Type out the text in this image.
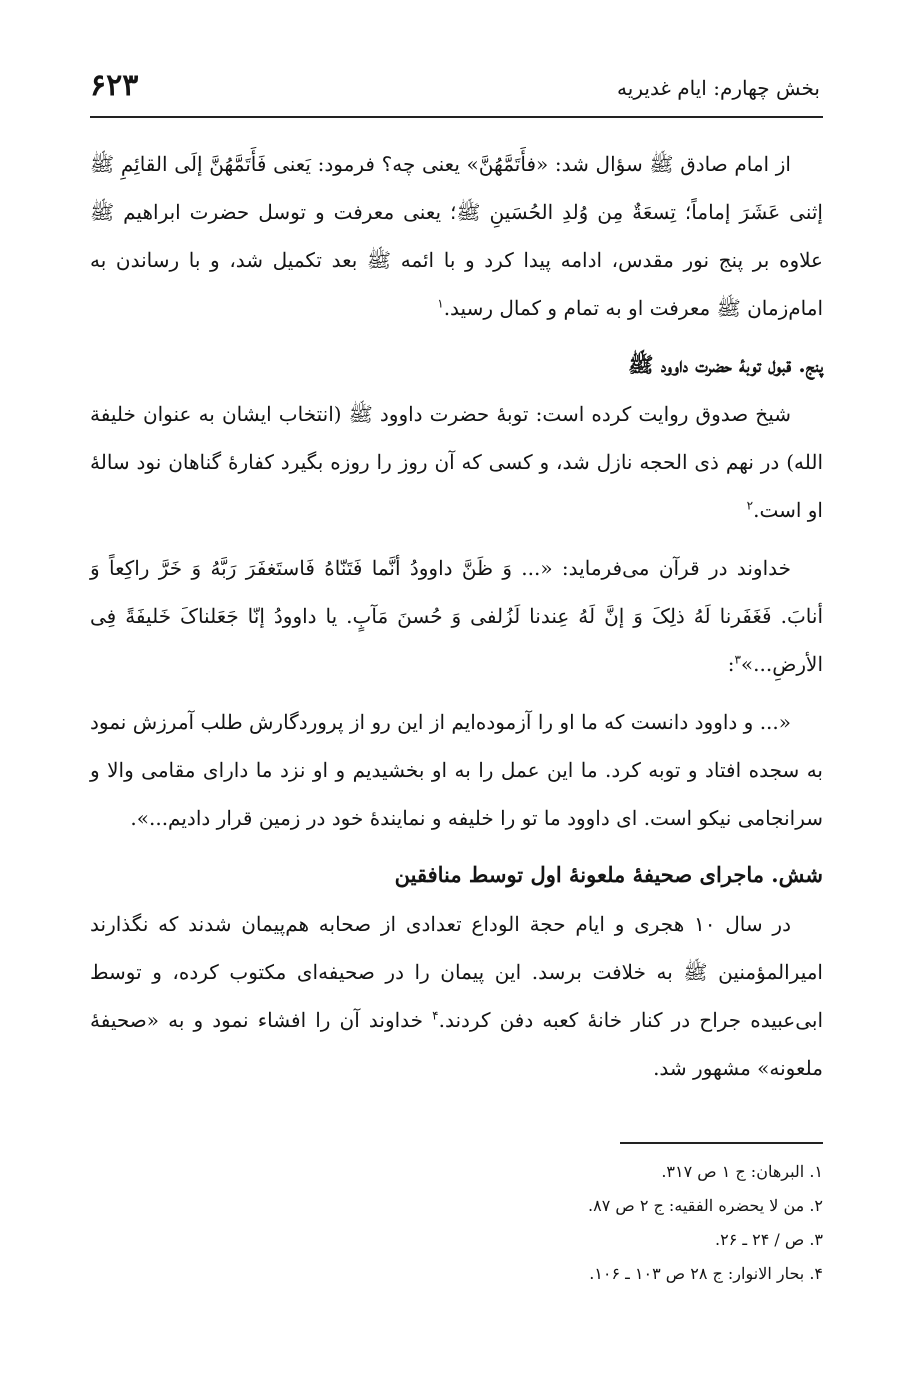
بخش چهارم: ایام غدیریه
۶۲۳

از امام صادق ﷺ سؤال شد: «فأَتَمَّهُنَّ» یعنی چه؟ فرمود: یَعنی فَأَتَمَّهُنَّ إلَی القائِمِ ﷺ إثنی عَشَرَ إماماً؛ تِسعَةٌ مِن وُلدِ الحُسَینِ ﷺ؛ یعنی معرفت و توسل حضرت ابراهیم ﷺ علاوه بر پنج نور مقدس، ادامه پیدا کرد و با ائمه ﷺ بعد تکمیل شد، و با رساندن به امام‌زمان ﷺ معرفت او به تمام و کمال رسید.$^۱$

پنج. قبول توبهٔ حضرت داوود ﷺ

شیخ صدوق روایت کرده است: توبهٔ حضرت داوود ﷺ (انتخاب ایشان به عنوان خلیفة الله) در نهم ذی الحجه نازل شد، و کسی که آن روز را روزه بگیرد کفارهٔ گناهان نود سالهٔ او است.$^۲$

خداوند در قرآن می‌فرماید: «... وَ ظَنَّ داوودُ أنَّما فَتَنّاهُ فَاستَغفَرَ رَبَّهُ وَ خَرَّ راکِعاً وَ أنابَ. فَغَفَرنا لَهُ ذلِکَ وَ إنَّ لَهُ عِندنا لَزُلفی وَ حُسنَ مَآبٍ. یا داوودُ إنّا جَعَلناکَ خَلیفَةً فِی الأرضِ...»$^۳$:

«... و داوود دانست که ما او را آزموده‌ایم از این رو از پروردگارش طلب آمرزش نمود به سجده افتاد و توبه کرد. ما این عمل را به او بخشیدیم و او نزد ما دارای مقامی والا و سرانجامی نیکو است. ای داوود ما تو را خلیفه و نمایندهٔ خود در زمین قرار دادیم...».

شش. ماجرای صحیفهٔ ملعونهٔ اول توسط منافقین

در سال ۱۰ هجری و ایام حجة الوداع تعدادی از صحابه هم‌پیمان شدند که نگذارند امیرالمؤمنین ﷺ به خلافت برسد. این پیمان را در صحیفه‌ای مکتوب کرده، و توسط ابی‌عبیده جراح در کنار خانهٔ کعبه دفن کردند.$^۴$ خداوند آن را افشاء نمود و به «صحیفهٔ ملعونه» مشهور شد.

۱. البرهان: ج ۱ ص ۳۱۷.

۲. من لا یحضره الفقیه: ج ۲ ص ۸۷.

۳. ص / ۲۴ ـ ۲۶.

۴. بحار الانوار: ج ۲۸ ص ۱۰۳ ـ ۱۰۶.
